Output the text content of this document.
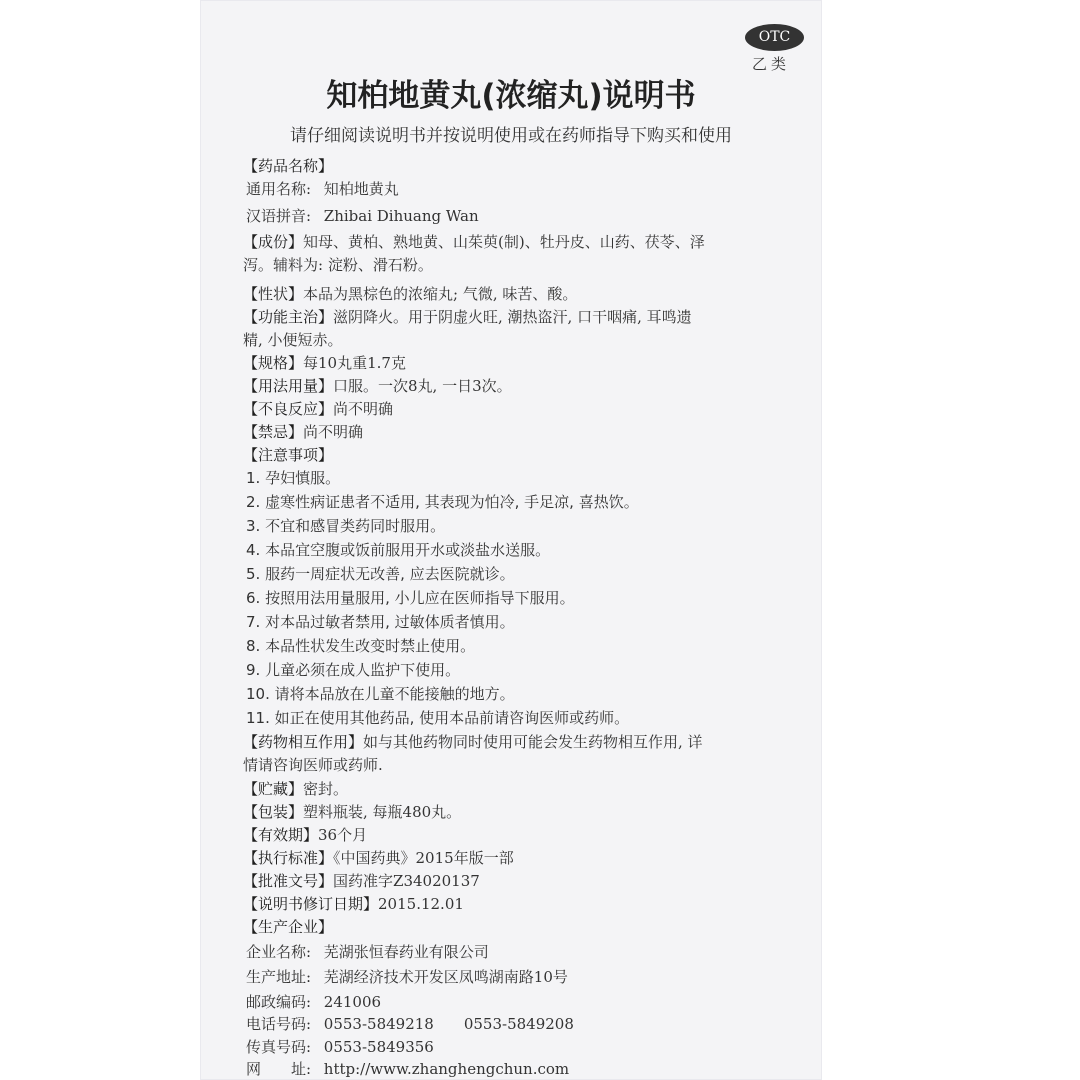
OTC
乙类
知柏地黄丸(浓缩丸)说明书
请仔细阅读说明书并按说明使用或在药师指导下购买和使用
【药品名称】
通用名称: 知柏地黄丸
汉语拼音: Zhibai Dihuang Wan
【成份】知母、黄柏、熟地黄、山茱萸(制)、牡丹皮、山药、茯苓、泽
泻。辅料为: 淀粉、滑石粉。
【性状】本品为黑棕色的浓缩丸; 气微, 味苦、酸。
【功能主治】滋阴降火。用于阴虚火旺, 潮热盗汗, 口干咽痛, 耳鸣遗
精, 小便短赤。
【规格】每10丸重1.7克
【用法用量】口服。一次8丸, 一日3次。
【不良反应】尚不明确
【禁忌】尚不明确
【注意事项】
1. 孕妇慎服。
2. 虚寒性病证患者不适用, 其表现为怕冷, 手足凉, 喜热饮。
3. 不宜和感冒类药同时服用。
4. 本品宜空腹或饭前服用开水或淡盐水送服。
5. 服药一周症状无改善, 应去医院就诊。
6. 按照用法用量服用, 小儿应在医师指导下服用。
7. 对本品过敏者禁用, 过敏体质者慎用。
8. 本品性状发生改变时禁止使用。
9. 儿童必须在成人监护下使用。
10. 请将本品放在儿童不能接触的地方。
11. 如正在使用其他药品, 使用本品前请咨询医师或药师。
【药物相互作用】如与其他药物同时使用可能会发生药物相互作用, 详
情请咨询医师或药师.
【贮藏】密封。
【包装】塑料瓶装, 每瓶480丸。
【有效期】36个月
【执行标准】《中国药典》2015年版一部
【批准文号】国药准字Z34020137
【说明书修订日期】2015.12.01
【生产企业】
企业名称: 芜湖张恒春药业有限公司
生产地址: 芜湖经济技术开发区凤鸣湖南路10号
邮政编码: 241006
电话号码: 0553-5849218 0553-5849208
传真号码: 0553-5849356
网　　址: http://www.zhanghengchun.com
